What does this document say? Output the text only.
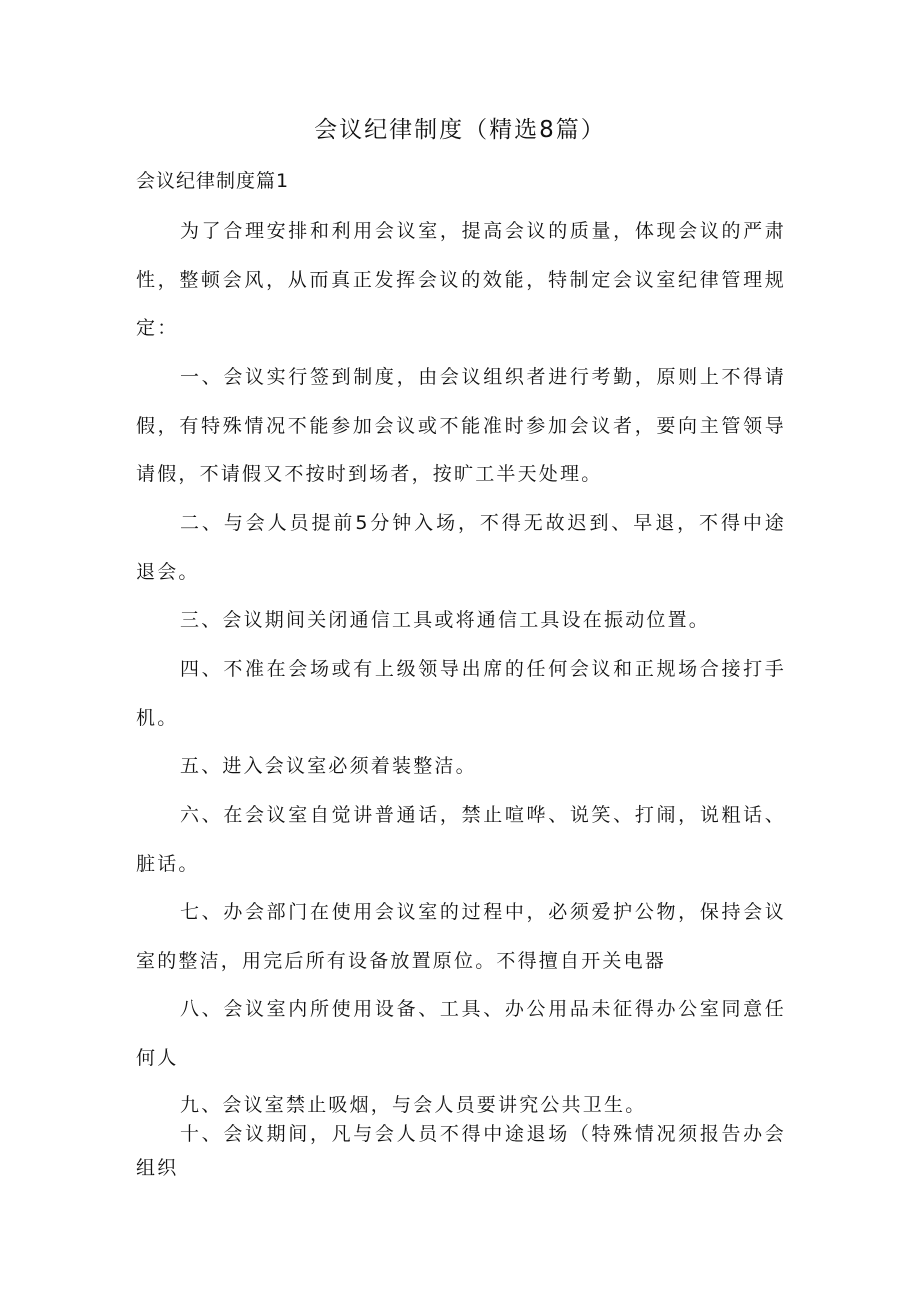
会议纪律制度（精选8篇）
会议纪律制度篇1

为了合理安排和利用会议室，提高会议的质量，体现会议的严肃性，整顿会风，从而真正发挥会议的效能，特制定会议室纪律管理规定：

一、会议实行签到制度，由会议组织者进行考勤，原则上不得请假，有特殊情况不能参加会议或不能准时参加会议者，要向主管领导请假，不请假又不按时到场者，按旷工半天处理。

二、与会人员提前5分钟入场，不得无故迟到、早退，不得中途退会。

三、会议期间关闭通信工具或将通信工具设在振动位置。

四、不准在会场或有上级领导出席的任何会议和正规场合接打手机。

五、进入会议室必须着装整洁。

六、在会议室自觉讲普通话，禁止喧哗、说笑、打闹，说粗话、脏话。

七、办会部门在使用会议室的过程中，必须爱护公物，保持会议室的整洁，用完后所有设备放置原位。不得擅自开关电器

八、会议室内所使用设备、工具、办公用品未征得办公室同意任何人

九、会议室禁止吸烟，与会人员要讲究公共卫生。

十、会议期间，凡与会人员不得中途退场（特殊情况须报告办会组织
